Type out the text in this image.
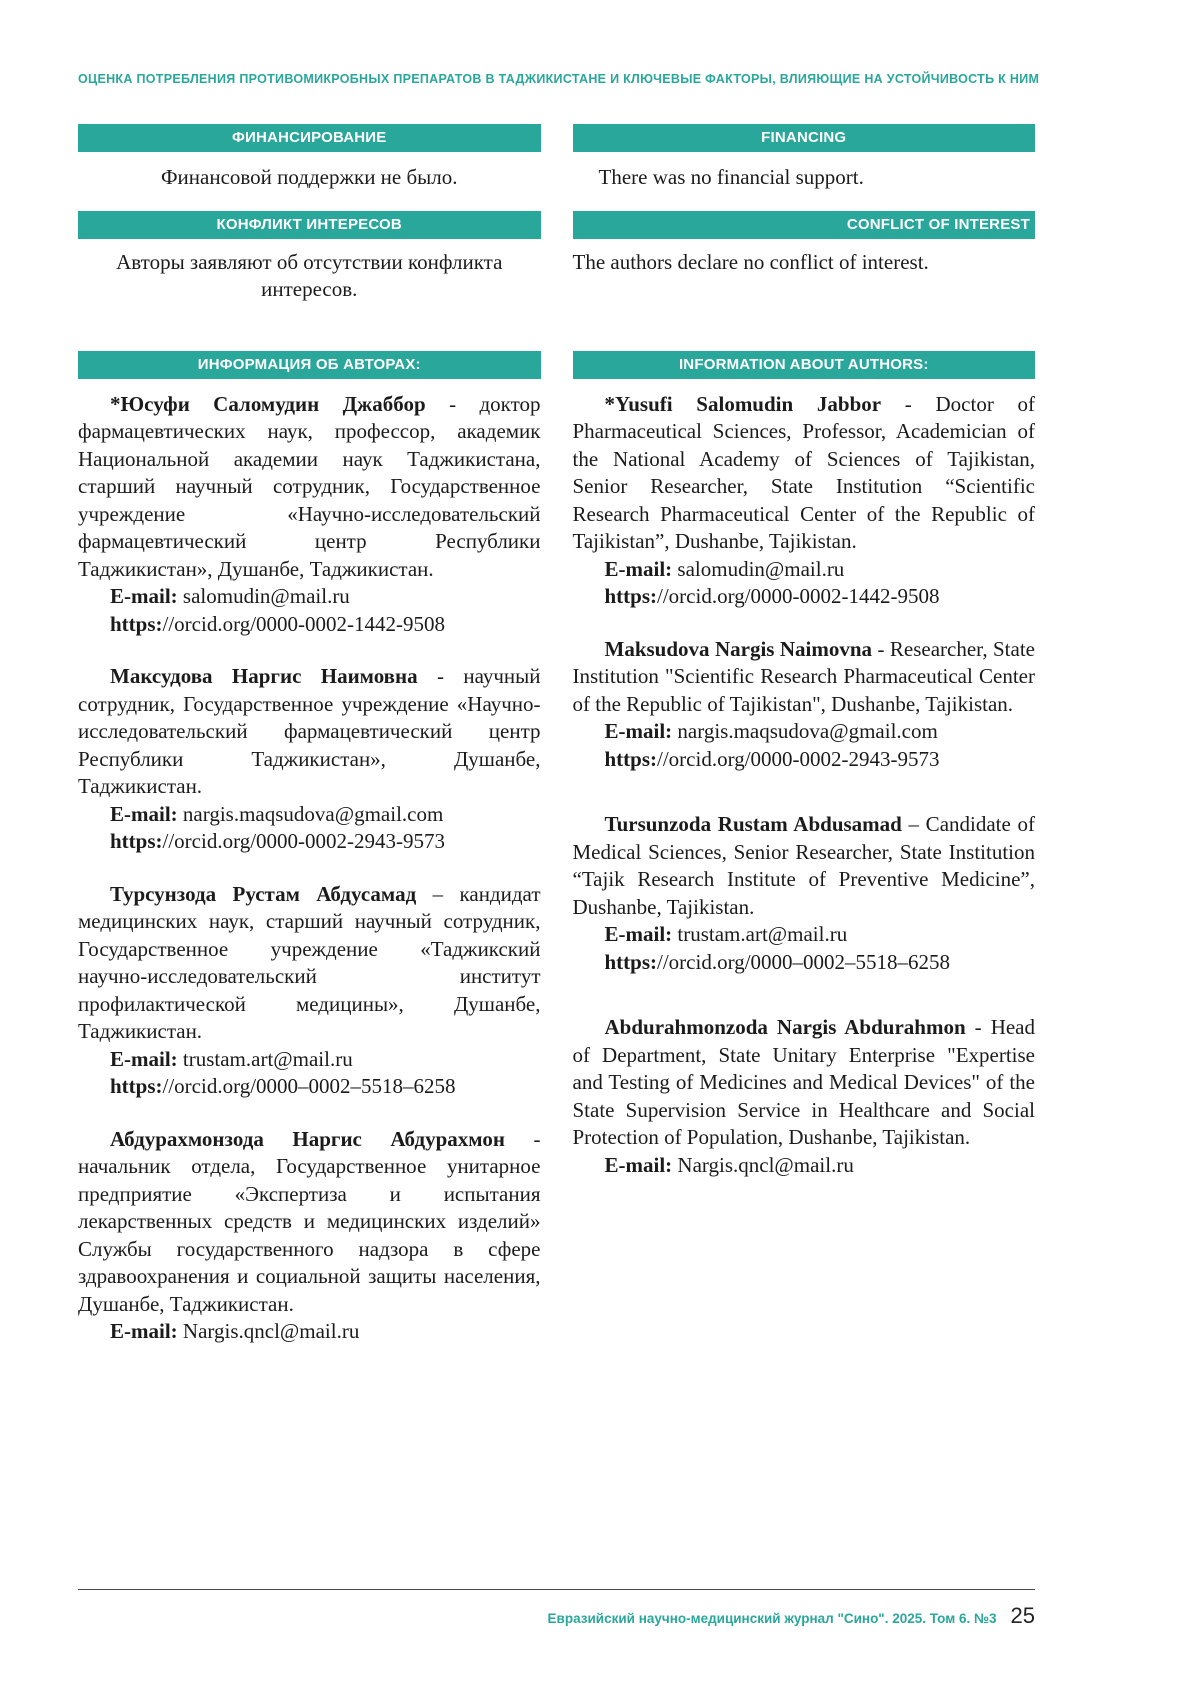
ОЦЕНКА ПОТРЕБЛЕНИЯ ПРОТИВОМИКРОБНЫХ ПРЕПАРАТОВ В ТАДЖИКИСТАНЕ И КЛЮЧЕВЫЕ ФАКТОРЫ, ВЛИЯЮЩИЕ НА УСТОЙЧИВОСТЬ К НИМ
ФИНАНСИРОВАНИЕ

Финансовой поддержки не было.

КОНФЛИКТ ИНТЕРЕСОВ

Авторы заявляют об отсутствии конфликта интересов.

ИНФОРМАЦИЯ ОБ АВТОРАХ:

*Юсуфи Саломудин Джаббор - доктор фармацевтических наук, профессор, академик Национальной академии наук Таджикистана, старший научный сотрудник, Государственное учреждение «Научно-исследовательский фармацевтический центр Республики Таджикистан», Душанбе, Таджикистан.

E-mail: salomudin@mail.ru

https://orcid.org/0000-0002-1442-9508

Максудова Наргис Наимовна - научный сотрудник, Государственное учреждение «Научно-исследовательский фармацевтический центр Республики Таджикистан», Душанбе, Таджикистан.

E-mail: nargis.maqsudova@gmail.com

https://orcid.org/0000-0002-2943-9573

Турсунзода Рустам Абдусамад – кандидат медицинских наук, старший научный сотрудник, Государственное учреждение «Таджикский научно-исследовательский институт профилактической медицины», Душанбе, Таджикистан.

E-mail: trustam.art@mail.ru

https://orcid.org/0000–0002–5518–6258

Абдурахмонзода Наргис Абдурахмон - начальник отдела, Государственное унитарное предприятие «Экспертиза и испытания лекарственных средств и медицинских изделий» Службы государственного надзора в сфере здравоохранения и социальной защиты населения, Душанбе, Таджикистан.

E-mail: Nargis.qncl@mail.ru

FINANCING

There was no financial support.

CONFLICT OF INTEREST

The authors declare no conflict of interest.

INFORMATION ABOUT AUTHORS:

*Yusufi Salomudin Jabbor - Doctor of Pharmaceutical Sciences, Professor, Academician of the National Academy of Sciences of Tajikistan, Senior Researcher, State Institution “Scientific Research Pharmaceutical Center of the Republic of Tajikistan”, Dushanbe, Tajikistan.

E-mail: salomudin@mail.ru

https://orcid.org/0000-0002-1442-9508

Maksudova Nargis Naimovna - Researcher, State Institution "Scientific Research Pharmaceutical Center of the Republic of Tajikistan", Dushanbe, Tajikistan.

E-mail: nargis.maqsudova@gmail.com

https://orcid.org/0000-0002-2943-9573

Tursunzoda Rustam Abdusamad – Candidate of Medical Sciences, Senior Researcher, State Institution “Tajik Research Institute of Preventive Medicine”, Dushanbe, Tajikistan.

E-mail: trustam.art@mail.ru

https://orcid.org/0000–0002–5518–6258

Abdurahmonzoda Nargis Abdurahmon - Head of Department, State Unitary Enterprise "Expertise and Testing of Medicines and Medical Devices" of the State Supervision Service in Healthcare and Social Protection of Population, Dushanbe, Tajikistan.

E-mail: Nargis.qncl@mail.ru

Евразийский научно-медицинский журнал "Сино". 2025. Том 6. №3 25
